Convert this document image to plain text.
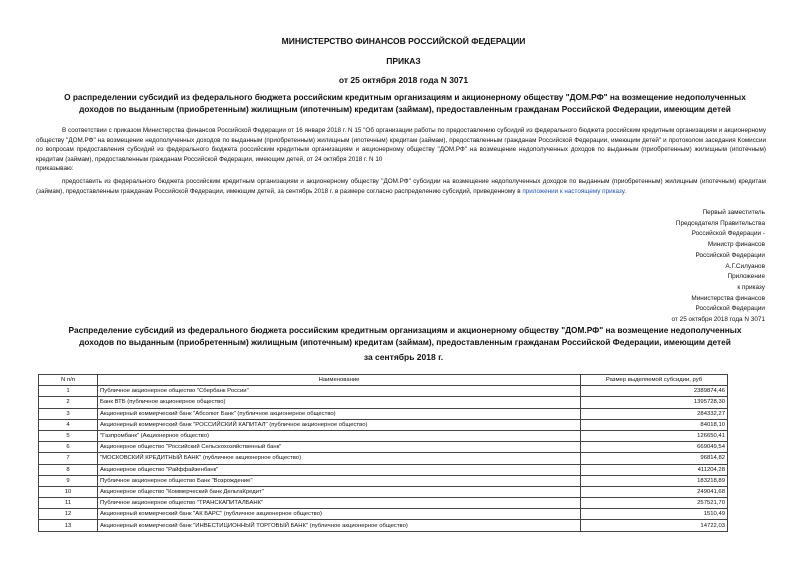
МИНИСТЕРСТВО ФИНАНСОВ РОССИЙСКОЙ ФЕДЕРАЦИИ
ПРИКАЗ
от 25 октября 2018 года N 3071
О распределении субсидий из федерального бюджета российским кредитным организациям и акционерному обществу "ДОМ.РФ" на возмещение недополученных доходов по выданным (приобретенным) жилищным (ипотечным) кредитам (займам), предоставленным гражданам Российской Федерации, имеющим детей
В соответствии с приказом Министерства финансов Российской Федерации от 16 января 2018 г. N 15 "Об организации работы по предоставлению субсидий из федерального бюджета российским кредитным организациям и акционерному обществу "ДОМ.РФ" на возмещение недополученных доходов по выданным (приобретенным) жилищным (ипотечным) кредитам (займам), предоставленным гражданам Российской Федерации, имеющим детей" и протоколом заседания Комиссии по вопросам предоставления субсидий из федерального бюджета российским кредитным организациям и акционерному обществу "ДОМ.РФ" на возмещение недополученных доходов по выданным (приобретенным) жилищным (ипотечным) кредитам (займам), предоставленным гражданам Российской Федерации, имеющим детей, от 24 октября 2018 г. N 10
приказываю:
предоставить из федерального бюджета российским кредитным организациям и акционерному обществу "ДОМ.РФ" субсидии на возмещение недополученных доходов по выданным (приобретенным) жилищным (ипотечным) кредитам (займам), предоставленным гражданам Российской Федерации, имеющим детей, за сентябрь 2018 г. в размере согласно распределению субсидий, приведенному в приложении к настоящему приказу.
Первый заместитель
Председателя Правительства
Российской Федерации -
Министр финансов
Российской Федерации
А.Г.Силуанов
Приложение
к приказу
Министерства финансов
Российской Федерации
от 25 октября 2018 года N 3071
Распределение субсидий из федерального бюджета российским кредитным организациям и акционерному обществу "ДОМ.РФ" на возмещение недополученных доходов по выданным (приобретенным) жилищным (ипотечным) кредитам (займам), предоставленным гражданам Российской Федерации, имеющим детей
за сентябрь 2018 г.
N п/п	Наименование	Размер выделяемой субсидии, руб
1	Публичное акционерное общество "Сбербанк России"	2389874,46
2	Банк ВТБ (публичное акционерное общество)	1395728,30
3	Акционерный коммерческий банк "Абсолют Банк" (публичное акционерное общество)	284332,27
4	Акционерный коммерческий банк "РОССИЙСКИЙ КАПИТАЛ" (публичное акционерное общество)	84018,10
5	"Газпромбанк" (Акционерное общество)	126650,41
6	Акционерное общество "Российский Сельскохозяйственный банк"	669049,54
7	"МОСКОВСКИЙ КРЕДИТНЫЙ БАНК" (публичное акционерное общество)	96814,82
8	Акционерное общество "Райффайзенбанк"	411204,28
9	Публичное акционерное общество Банк "Возрождение"	183218,89
10	Акционерное общество "Коммерческий банк ДельтаКредит"	249041,68
11	Публичное акционерное общество "ТРАНСКАПИТАЛБАНК"	257521,70
12	Акционерный коммерческий банк "АК БАРС" (публичное акционерное общество)	1510,49
13	Акционерный коммерческий банк "ИНВЕСТИЦИОННЫЙ ТОРГОВЫЙ БАНК" (публичное акционерное общество)	14722,03
